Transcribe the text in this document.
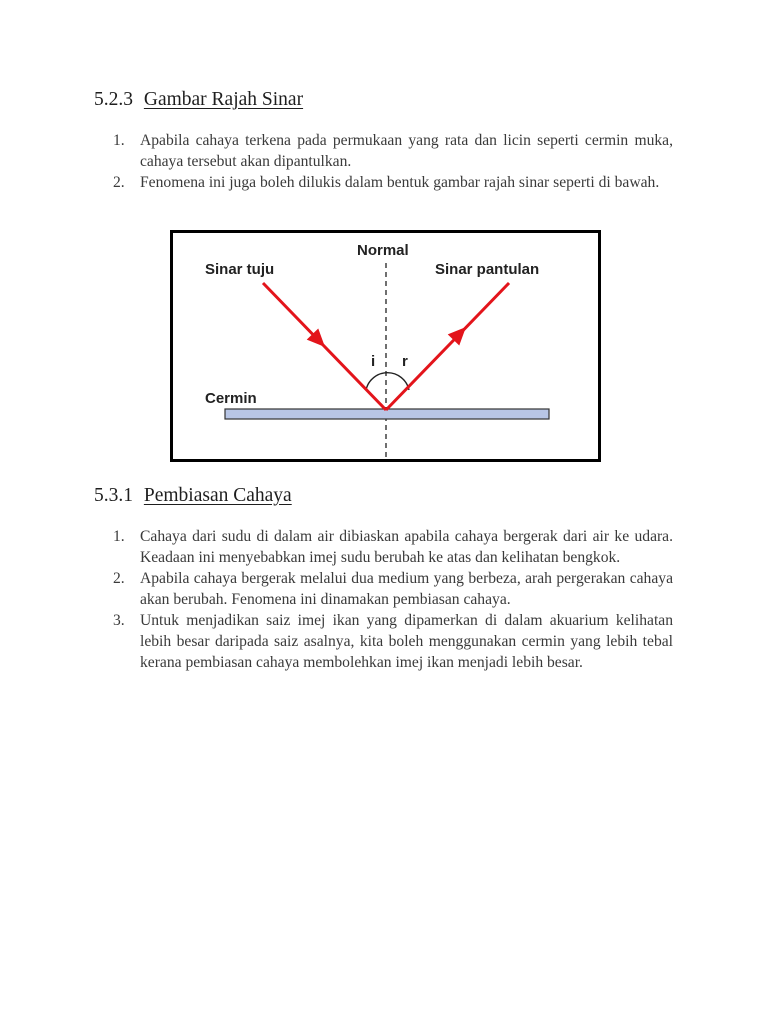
5.2.3 Gambar Rajah Sinar
1. Apabila cahaya terkena pada permukaan yang rata dan licin seperti cermin muka, cahaya tersebut akan dipantulkan.
2. Fenomena ini juga boleh dilukis dalam bentuk gambar rajah sinar seperti di bawah.
Normal
Sinar tuju	Sinar pantulan
i r
Cermin
5.3.1 Pembiasan Cahaya
1. Cahaya dari sudu di dalam air dibiaskan apabila cahaya bergerak dari air ke udara. Keadaan ini menyebabkan imej sudu berubah ke atas dan kelihatan bengkok.
2. Apabila cahaya bergerak melalui dua medium yang berbeza, arah pergerakan cahaya akan berubah. Fenomena ini dinamakan pembiasan cahaya.
3. Untuk menjadikan saiz imej ikan yang dipamerkan di dalam akuarium kelihatan lebih besar daripada saiz asalnya, kita boleh menggunakan cermin yang lebih tebal kerana pembiasan cahaya membolehkan imej ikan menjadi lebih besar.
